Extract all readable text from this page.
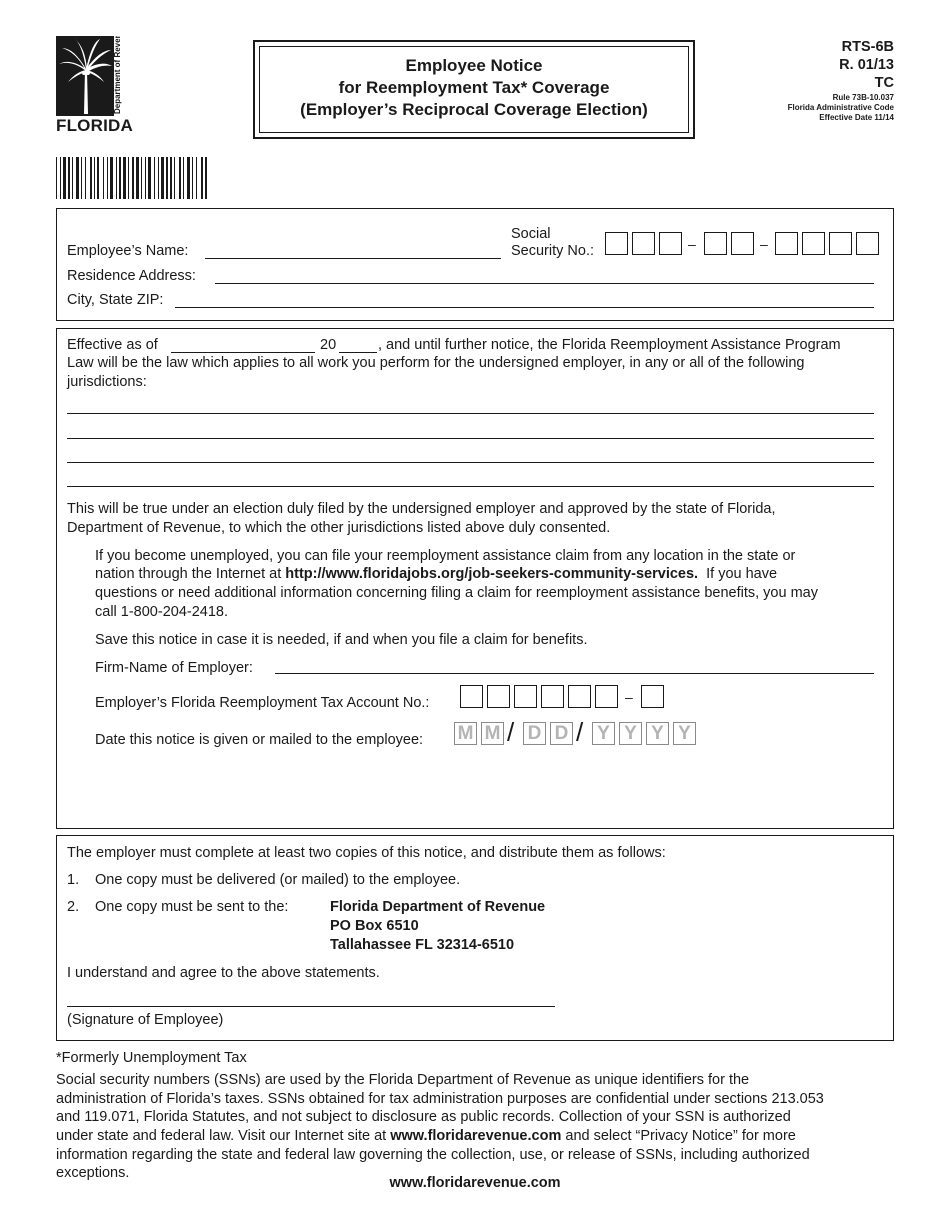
Department of Revenue
FLORIDA
Employee Notice
for Reemployment Tax* Coverage
(Employer’s Reciprocal Coverage Election)
RTS-6B
R. 01/13
TC
Rule 73B-10.037
Florida Administrative Code
Effective Date 11/14
Employee’s Name:
Social
Security No.:	–	–
Residence Address:
City, State ZIP:
Effective as of	20	, and until further notice, the Florida Reemployment Assistance Program
Law will be the law which applies to all work you perform for the undersigned employer, in any or all of the following
jurisdictions:
This will be true under an election duly filed by the undersigned employer and approved by the state of Florida,
Department of Revenue, to which the other jurisdictions listed above duly consented.
If you become unemployed, you can file your reemployment assistance claim from any location in the state or
nation through the Internet at http://www.floridajobs.org/job-seekers-community-services. If you have
questions or need additional information concerning filing a claim for reemployment assistance benefits, you may
call 1-800-204-2418.
Save this notice in case it is needed, if and when you file a claim for benefits.
Firm-Name of Employer:
Employer’s Florida Reemployment Tax Account No.:	–
Date this notice is given or mailed to the employee: M M D D Y Y Y Y
/ /
The employer must complete at least two copies of this notice, and distribute them as follows:
1. One copy must be delivered (or mailed) to the employee.
2. One copy must be sent to the:	Florida Department of Revenue
PO Box 6510
Tallahassee FL 32314-6510
I understand and agree to the above statements.
(Signature of Employee)
*Formerly Unemployment Tax
Social security numbers (SSNs) are used by the Florida Department of Revenue as unique identifiers for the
administration of Florida’s taxes. SSNs obtained for tax administration purposes are confidential under sections 213.053
and 119.071, Florida Statutes, and not subject to disclosure as public records. Collection of your SSN is authorized
under state and federal law. Visit our Internet site at www.floridarevenue.com and select “Privacy Notice” for more
information regarding the state and federal law governing the collection, use, or release of SSNs, including authorized
exceptions.
www.floridarevenue.com
